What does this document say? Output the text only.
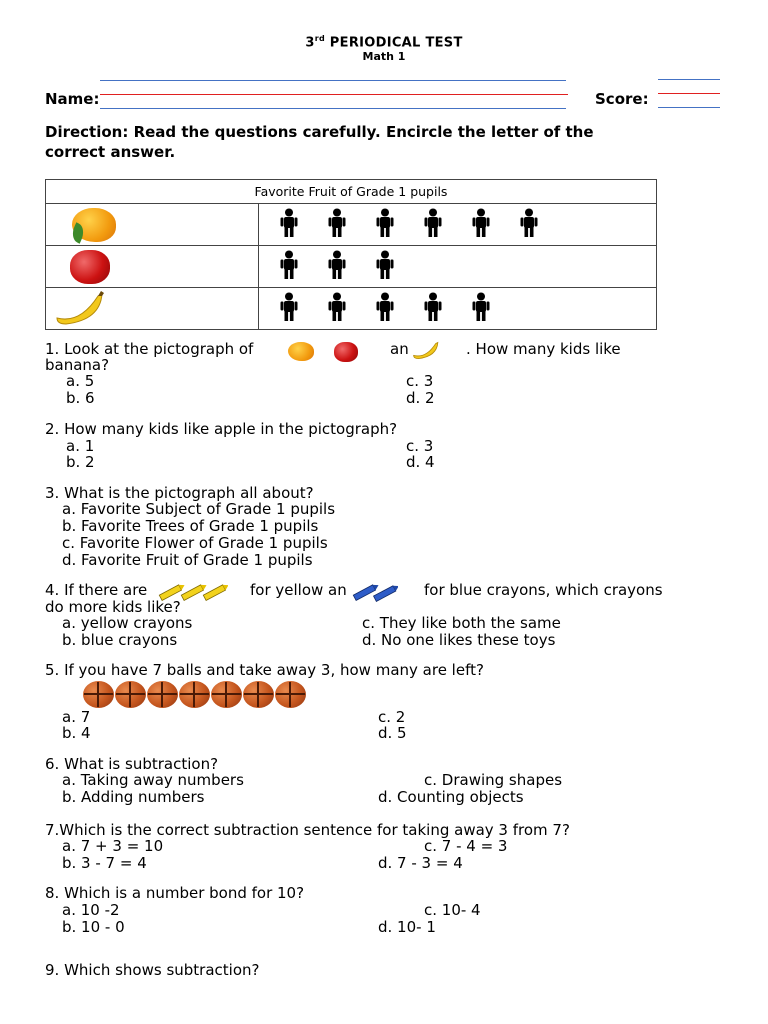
3rd PERIODICAL TEST
Math 1
Name:	Score:
Direction: Read the questions carefully. Encircle the letter of the
correct answer.
Favorite Fruit of Grade 1 pupils	

1. Look at the pictograph of	an	. How many kids like
banana?
a. 5
b. 6
c. 3
d. 2
2. How many kids like apple in the pictograph?
a. 1
b. 2
c. 3
d. 4
3. What is the pictograph all about?
a. Favorite Subject of Grade 1 pupils
b. Favorite Trees of Grade 1 pupils
c. Favorite Flower of Grade 1 pupils
d. Favorite Fruit of Grade 1 pupils
4. If there are	for yellow an	for blue crayons, which crayons
do more kids like?
a. yellow crayons
b. blue crayons
c. They like both the same
d. No one likes these toys
5. If you have 7 balls and take away 3, how many are left?
a. 7
b. 4
c. 2
d. 5
6. What is subtraction?
a. Taking away numbers
b. Adding numbers
c. Drawing shapes
d. Counting objects
7.Which is the correct subtraction sentence for taking away 3 from 7?
a. 7 + 3 = 10
b. 3 - 7 = 4
c. 7 - 4 = 3
d. 7 - 3 = 4
8. Which is a number bond for 10?
a. 10 -2
b. 10 - 0
c. 10- 4
d. 10- 1
9. Which shows subtraction?
